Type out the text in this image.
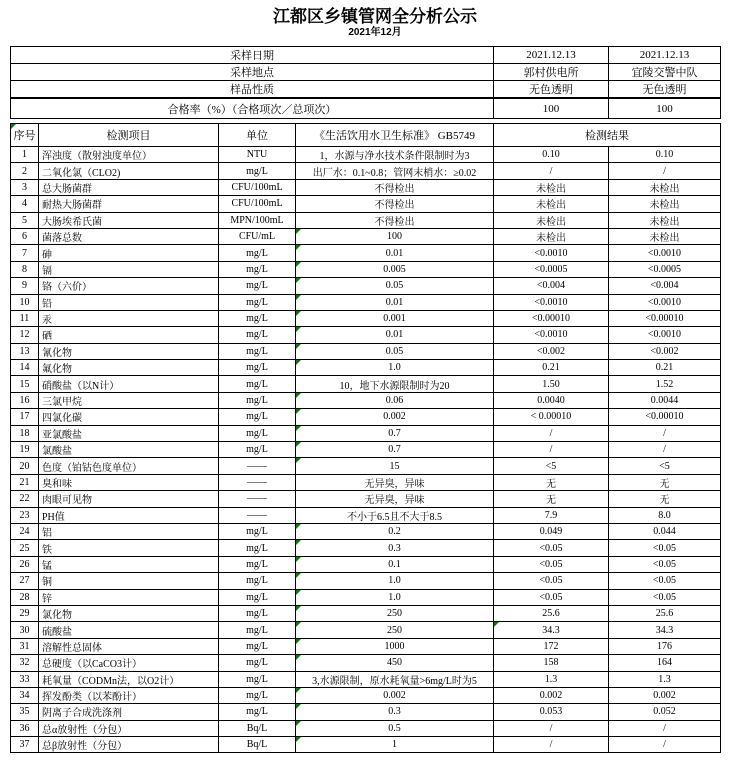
江都区乡镇管网全分析公示
2021年12月
采样日期	2021.12.13	2021.12.13
采样地点	郭村供电所	宜陵交警中队
样品性质	无色透明	无色透明
合格率（%）（合格项次／总项次）	100	100
序号	检测项目	单位	《生活饮用水卫生标准》 GB5749	检测结果	
1	浑浊度（散射浊度单位）	NTU	1，水源与净水技术条件限制时为3	0.10	0.10
2	二氧化氯（CLO2)	mg/L	出厂水：0.1~0.8；管网末梢水：≥0.02	/	/
3	总大肠菌群	CFU/100mL	不得检出	未检出	未检出
4	耐热大肠菌群	CFU/100mL	不得检出	未检出	未检出
5	大肠埃希氏菌	MPN/100mL	不得检出	未检出	未检出
6	菌落总数	CFU/mL	100	未检出	未检出
7	砷	mg/L	0.01	<0.0010	<0.0010
8	镉	mg/L	0.005	<0.0005	<0.0005
9	铬（六价）	mg/L	0.05	<0.004	<0.004
10	铅	mg/L	0.01	<0.0010	<0.0010
11	汞	mg/L	0.001	<0.00010	<0.00010
12	硒	mg/L	0.01	<0.0010	<0.0010
13	氰化物	mg/L	0.05	<0.002	<0.002
14	氟化物	mg/L	1.0	0.21	0.21
15	硝酸盐（以N计）	mg/L	10，地下水源限制时为20	1.50	1.52
16	三氯甲烷	mg/L	0.06	0.0040	0.0044
17	四氯化碳	mg/L	0.002	< 0.00010	<0.00010
18	亚氯酸盐	mg/L	0.7	/	/
19	氯酸盐	mg/L	0.7	/	/
20	色度（铂钴色度单位）	——	15	<5	<5
21	臭和味	——	无异臭，异味	无	无
22	肉眼可见物	——	无异臭，异味	无	无
23	PH值	——	不小于6.5且不大于8.5	7.9	8.0
24	铝	mg/L	0.2	0.049	0.044
25	铁	mg/L	0.3	<0.05	<0.05
26	锰	mg/L	0.1	<0.05	<0.05
27	铜	mg/L	1.0	<0.05	<0.05
28	锌	mg/L	1.0	<0.05	<0.05
29	氯化物	mg/L	250	25.6	25.6
30	硫酸盐	mg/L	250	34.3	34.3
31	溶解性总固体	mg/L	1000	172	176
32	总硬度（以CaCO3计）	mg/L	450	158	164
33	耗氧量（CODMn法，以O2计）	mg/L	3,水源限制，原水耗氧量>6mg/L时为5	1.3	1.3
34	挥发酚类（以苯酚计）	mg/L	0.002	0.002	0.002
35	阴离子合成洗涤剂	mg/L	0.3	0.053	0.052
36	总α放射性（分包）	Bq/L	0.5	/	/
37	总β放射性（分包）	Bq/L	1	/	/
